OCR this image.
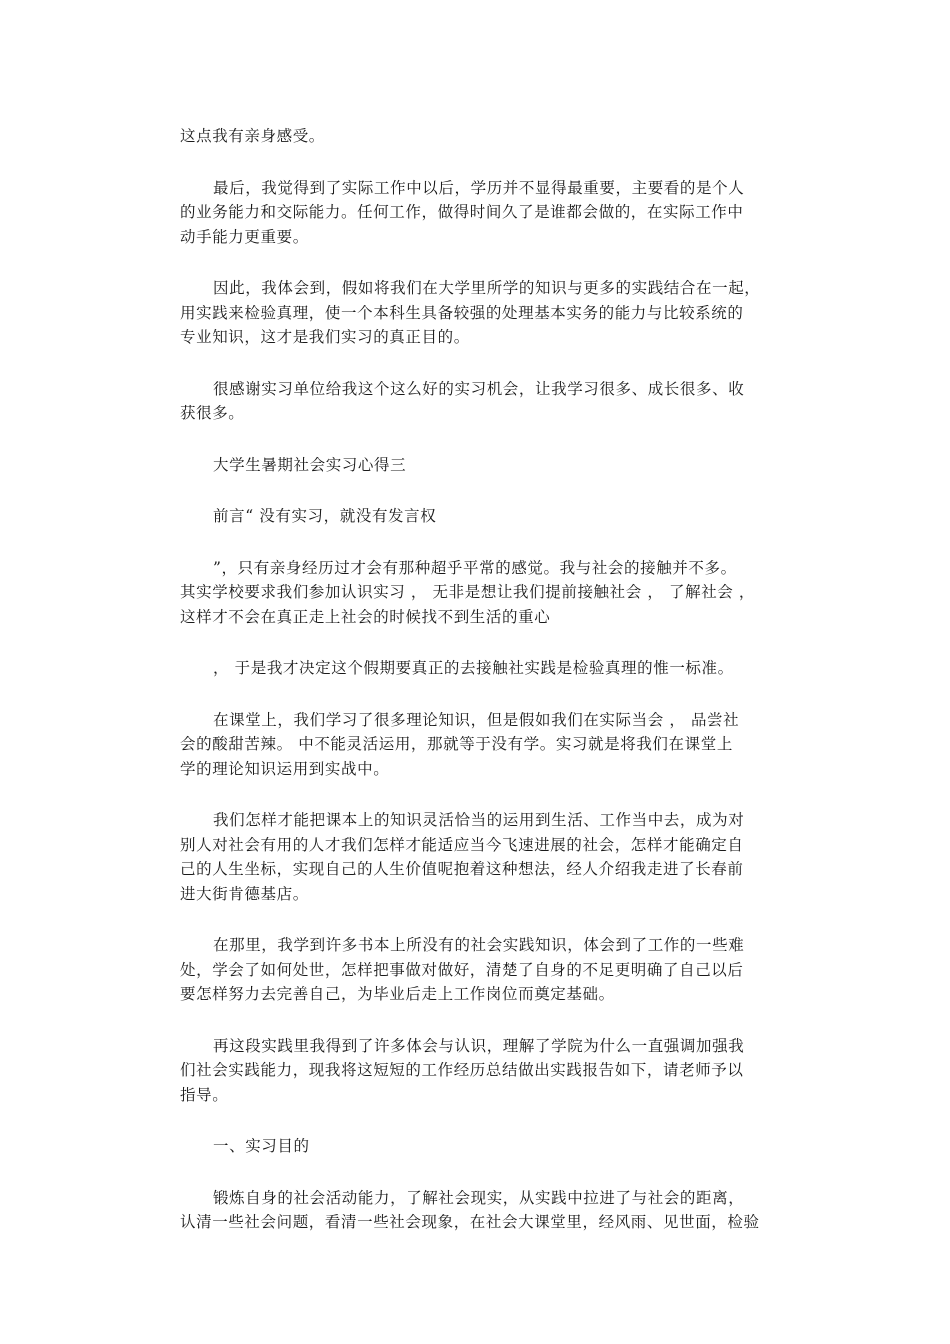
这点我有亲身感受。

最后，我觉得到了实际工作中以后，学历并不显得最重要，主要看的是个人
的业务能力和交际能力。任何工作，做得时间久了是谁都会做的，在实际工作中
动手能力更重要。

因此，我体会到，假如将我们在大学里所学的知识与更多的实践结合在一起，
用实践来检验真理，使一个本科生具备较强的处理基本实务的能力与比较系统的
专业知识，这才是我们实习的真正目的。

很感谢实习单位给我这个这么好的实习机会，让我学习很多、成长很多、收
获很多。

大学生暑期社会实习心得三

前言“ 没有实习，就没有发言权

”，只有亲身经历过才会有那种超乎平常的感觉。我与社会的接触并不多。
其实学校要求我们参加认识实习 ， 无非是想让我们提前接触社会 ， 了解社会 ，
这样才不会在真正走上社会的时候找不到生活的重心

， 于是我才决定这个假期要真正的去接触社实践是检验真理的惟一标准。

在课堂上，我们学习了很多理论知识，但是假如我们在实际当会 ， 品尝社
会的酸甜苦辣。 中不能灵活运用，那就等于没有学。实习就是将我们在课堂上
学的理论知识运用到实战中。

我们怎样才能把课本上的知识灵活恰当的运用到生活、工作当中去，成为对
别人对社会有用的人才我们怎样才能适应当今飞速进展的社会，怎样才能确定自
己的人生坐标，实现自己的人生价值呢抱着这种想法，经人介绍我走进了长春前
进大街肯德基店。

在那里，我学到许多书本上所没有的社会实践知识，体会到了工作的一些难
处，学会了如何处世，怎样把事做对做好，清楚了自身的不足更明确了自己以后
要怎样努力去完善自己，为毕业后走上工作岗位而奠定基础。

再这段实践里我得到了许多体会与认识，理解了学院为什么一直强调加强我
们社会实践能力，现我将这短短的工作经历总结做出实践报告如下，请老师予以
指导。

一、实习目的

锻炼自身的社会活动能力，了解社会现实，从实践中拉进了与社会的距离，
认清一些社会问题，看清一些社会现象，在社会大课堂里，经风雨、见世面，检验
